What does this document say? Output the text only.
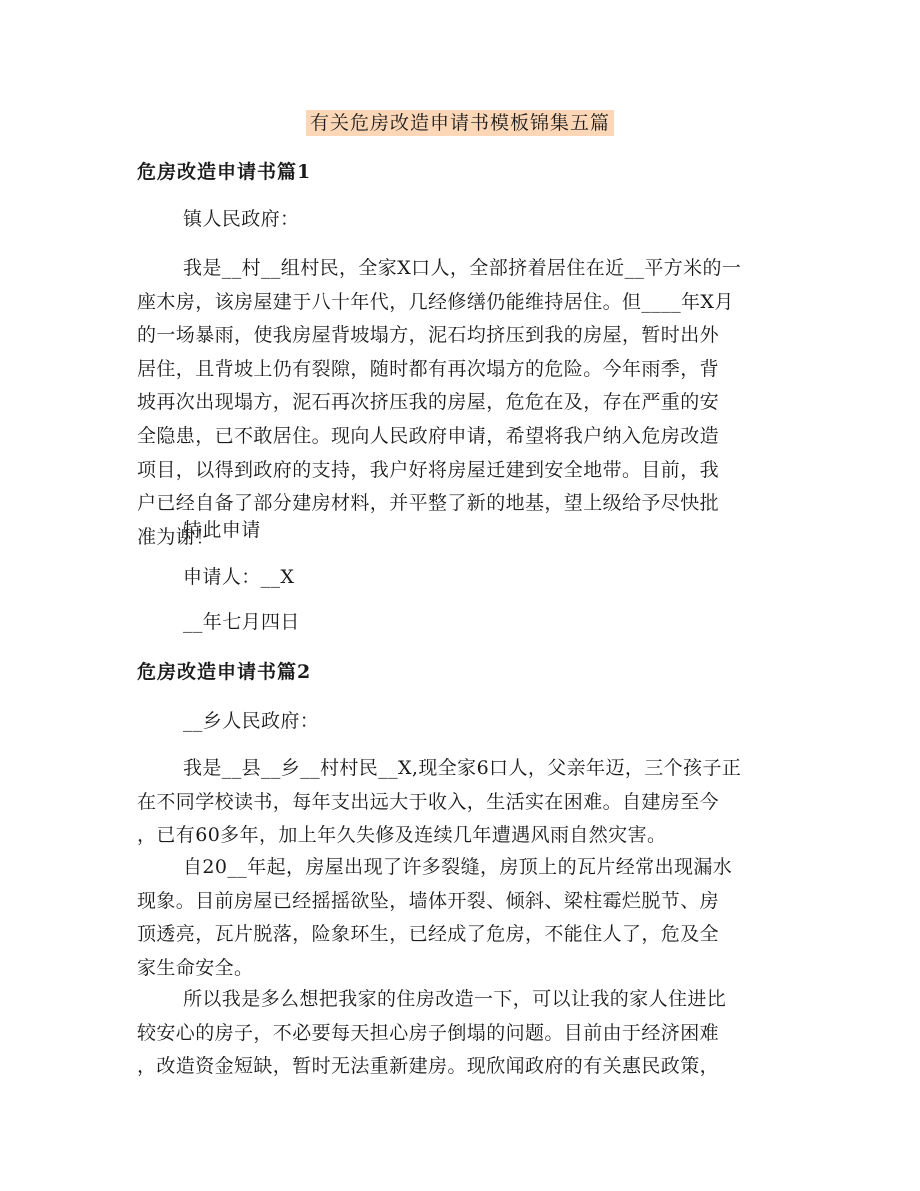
有关危房改造申请书模板锦集五篇
危房改造申请书篇1
镇人民政府：
我是__村__组村民，全家X口人，全部挤着居住在近__平方米的一
座木房，该房屋建于八十年代，几经修缮仍能维持居住。但____年X月
的一场暴雨，使我房屋背坡塌方，泥石均挤压到我的房屋，暂时出外
居住，且背坡上仍有裂隙，随时都有再次塌方的危险。今年雨季，背
坡再次出现塌方，泥石再次挤压我的房屋，危危在及，存在严重的安
全隐患，已不敢居住。现向人民政府申请，希望将我户纳入危房改造
项目，以得到政府的支持，我户好将房屋迁建到安全地带。目前，我
户已经自备了部分建房材料，并平整了新的地基，望上级给予尽快批
准为谢！
特此申请
申请人：__X
__年七月四日
危房改造申请书篇2
__乡人民政府：
我是__县__乡__村村民__X,现全家6口人，父亲年迈，三个孩子正
在不同学校读书，每年支出远大于收入，生活实在困难。自建房至今
，已有60多年，加上年久失修及连续几年遭遇风雨自然灾害。
自20__年起，房屋出现了许多裂缝，房顶上的瓦片经常出现漏水
现象。目前房屋已经摇摇欲坠，墙体开裂、倾斜、梁柱霉烂脱节、房
顶透亮，瓦片脱落，险象环生，已经成了危房，不能住人了，危及全
家生命安全。
所以我是多么想把我家的住房改造一下，可以让我的家人住进比
较安心的房子，不必要每天担心房子倒塌的问题。目前由于经济困难
，改造资金短缺，暂时无法重新建房。现欣闻政府的有关惠民政策，
